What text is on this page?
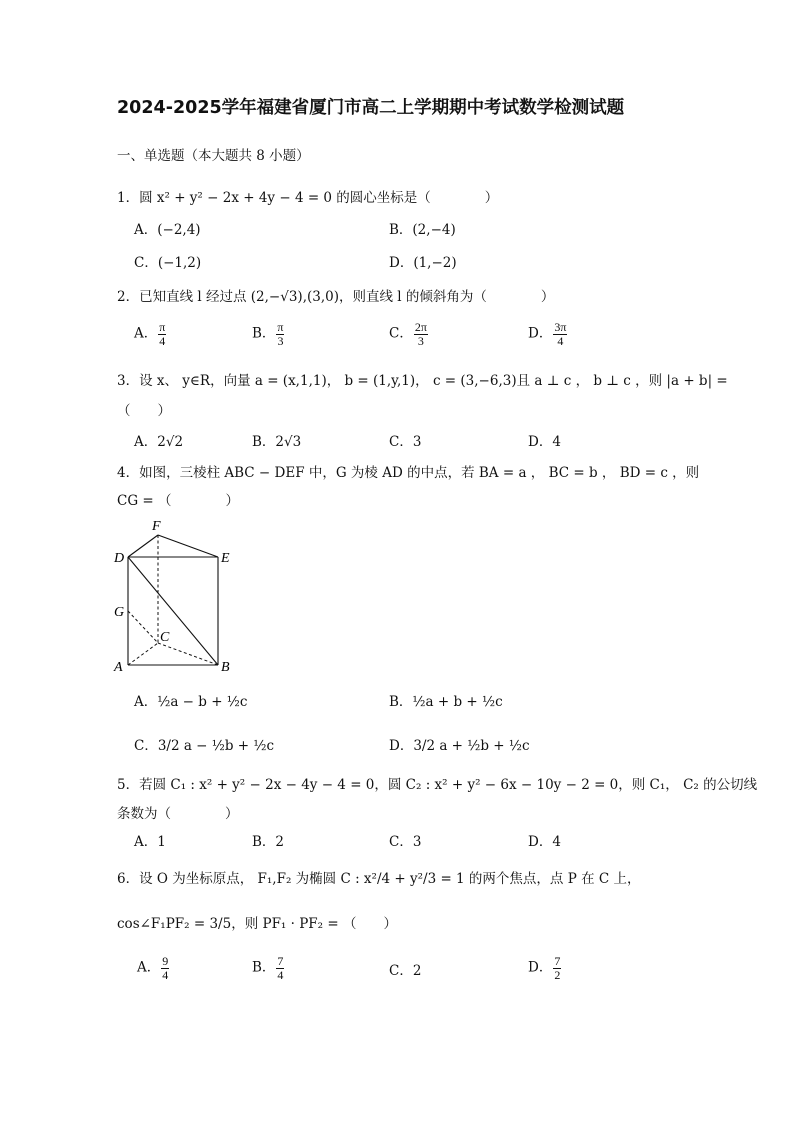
2024-2025学年福建省厦门市高二上学期期中考试数学检测试题
一、单选题（本大题共 8 小题）
1．圆 x² + y² − 2x + 4y − 4 = 0 的圆心坐标是（　　　　）
A．(−2,4)	B．(2,−4)
C．(−1,2)	D．(1,−2)
2．已知直线 l 经过点 (2,−√3),(3,0)，则直线 l 的倾斜角为（　　　　）
A． $\frac{\pi}{4}$	B． $\frac{\pi}{3}$	C． $\frac{2\pi}{3}$	D． $\frac{3\pi}{4}$
3．设 x、 y∈R，向量 a = (x,1,1)， b = (1,y,1)， c = (3,−6,3)且 a ⊥ c ， b ⊥ c ，则 |a + b| =
（　　）
A．2√2	B．2√3	C．3	D．4
4．如图，三棱柱 ABC − DEF 中，G 为棱 AD 的中点，若 BA = a ， BC = b ， BD = c ，则
CG = （　　　　）
F
D	E
G
C
A	B
A．½a − b + ½c	B．½a + b + ½c
C．3/2 a − ½b + ½c	D．3/2 a + ½b + ½c
5．若圆 C₁ : x² + y² − 2x − 4y − 4 = 0，圆 C₂ : x² + y² − 6x − 10y − 2 = 0，则 C₁， C₂ 的公切线
条数为（　　　　）
A．1	B．2	C．3	D．4
6．设 O 为坐标原点， F₁,F₂ 为椭圆 C : x²/4 + y²/3 = 1 的两个焦点，点 P 在 C 上，
cos∠F₁PF₂ = 3/5，则 PF₁ · PF₂ = （　　）
A． $\frac{9}{4}$	B． $\frac{7}{4}$	C．2	D． $\frac{7}{2}$
